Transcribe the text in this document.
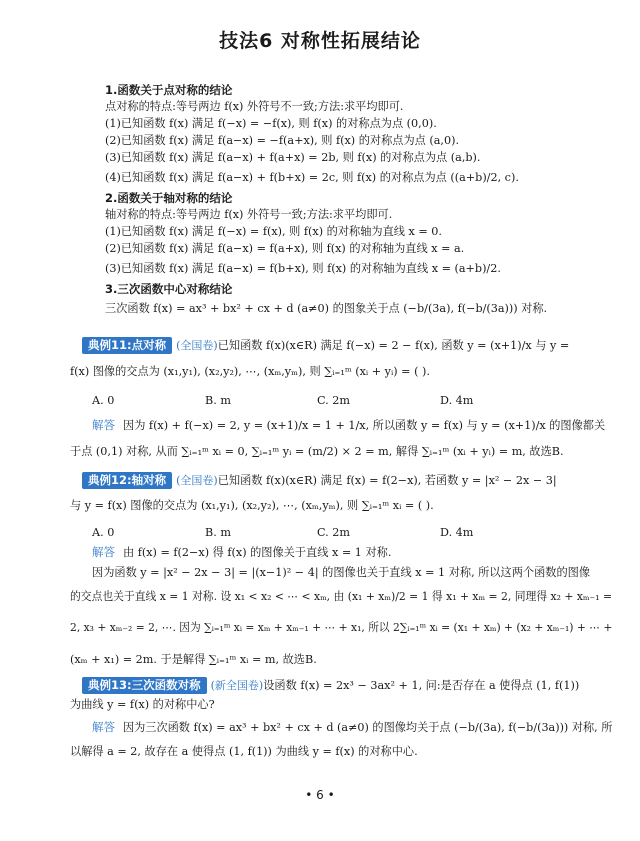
技法6 对称性拓展结论
1.函数关于点对称的结论
点对称的特点:等号两边 f(x) 外符号不一致;方法:求平均即可.
(1)已知函数 f(x) 满足 f(−x) = −f(x), 则 f(x) 的对称点为点 (0,0).
(2)已知函数 f(x) 满足 f(a−x) = −f(a+x), 则 f(x) 的对称点为点 (a,0).
(3)已知函数 f(x) 满足 f(a−x) + f(a+x) = 2b, 则 f(x) 的对称点为点 (a,b).
(4)已知函数 f(x) 满足 f(a−x) + f(b+x) = 2c, 则 f(x) 的对称点为点 ((a+b)/2, c).
2.函数关于轴对称的结论
轴对称的特点:等号两边 f(x) 外符号一致;方法:求平均即可.
(1)已知函数 f(x) 满足 f(−x) = f(x), 则 f(x) 的对称轴为直线 x = 0.
(2)已知函数 f(x) 满足 f(a−x) = f(a+x), 则 f(x) 的对称轴为直线 x = a.
(3)已知函数 f(x) 满足 f(a−x) = f(b+x), 则 f(x) 的对称轴为直线 x = (a+b)/2.
3.三次函数中心对称结论
三次函数 f(x) = ax³ + bx² + cx + d (a≠0) 的图象关于点 (−b/(3a), f(−b/(3a))) 对称.
典例11:点对称 (全国卷)已知函数 f(x)(x∈R) 满足 f(−x) = 2 − f(x), 函数 y = (x+1)/x 与 y =
f(x) 图像的交点为 (x₁,y₁), (x₂,y₂), ⋯, (xₘ,yₘ), 则 ∑ᵢ₌₁ᵐ (xᵢ + yᵢ) = ( ).
A. 0	B. m	C. 2m	D. 4m
解答 因为 f(x) + f(−x) = 2, y = (x+1)/x = 1 + 1/x, 所以函数 y = f(x) 与 y = (x+1)/x 的图像都关
于点 (0,1) 对称, 从而 ∑ᵢ₌₁ᵐ xᵢ = 0, ∑ᵢ₌₁ᵐ yᵢ = (m/2) × 2 = m, 解得 ∑ᵢ₌₁ᵐ (xᵢ + yᵢ) = m, 故选B.
典例12:轴对称 (全国卷)已知函数 f(x)(x∈R) 满足 f(x) = f(2−x), 若函数 y = |x² − 2x − 3|
与 y = f(x) 图像的交点为 (x₁,y₁), (x₂,y₂), ⋯, (xₘ,yₘ), 则 ∑ᵢ₌₁ᵐ xᵢ = ( ).
A. 0	B. m	C. 2m	D. 4m
解答 由 f(x) = f(2−x) 得 f(x) 的图像关于直线 x = 1 对称.
因为函数 y = |x² − 2x − 3| = |(x−1)² − 4| 的图像也关于直线 x = 1 对称, 所以这两个函数的图像
的交点也关于直线 x = 1 对称. 设 x₁ < x₂ < ⋯ < xₘ, 由 (x₁ + xₘ)/2 = 1 得 x₁ + xₘ = 2, 同理得 x₂ + xₘ₋₁ =
2, x₃ + xₘ₋₂ = 2, ⋯. 因为 ∑ᵢ₌₁ᵐ xᵢ = xₘ + xₘ₋₁ + ⋯ + x₁, 所以 2∑ᵢ₌₁ᵐ xᵢ = (x₁ + xₘ) + (x₂ + xₘ₋₁) + ⋯ +
(xₘ + x₁) = 2m. 于是解得 ∑ᵢ₌₁ᵐ xᵢ = m, 故选B.
典例13:三次函数对称 (新全国卷)设函数 f(x) = 2x³ − 3ax² + 1, 问:是否存在 a 使得点 (1, f(1))
为曲线 y = f(x) 的对称中心?
解答 因为三次函数 f(x) = ax³ + bx² + cx + d (a≠0) 的图像均关于点 (−b/(3a), f(−b/(3a))) 对称, 所
以解得 a = 2, 故存在 a 使得点 (1, f(1)) 为曲线 y = f(x) 的对称中心.
• 6 •
